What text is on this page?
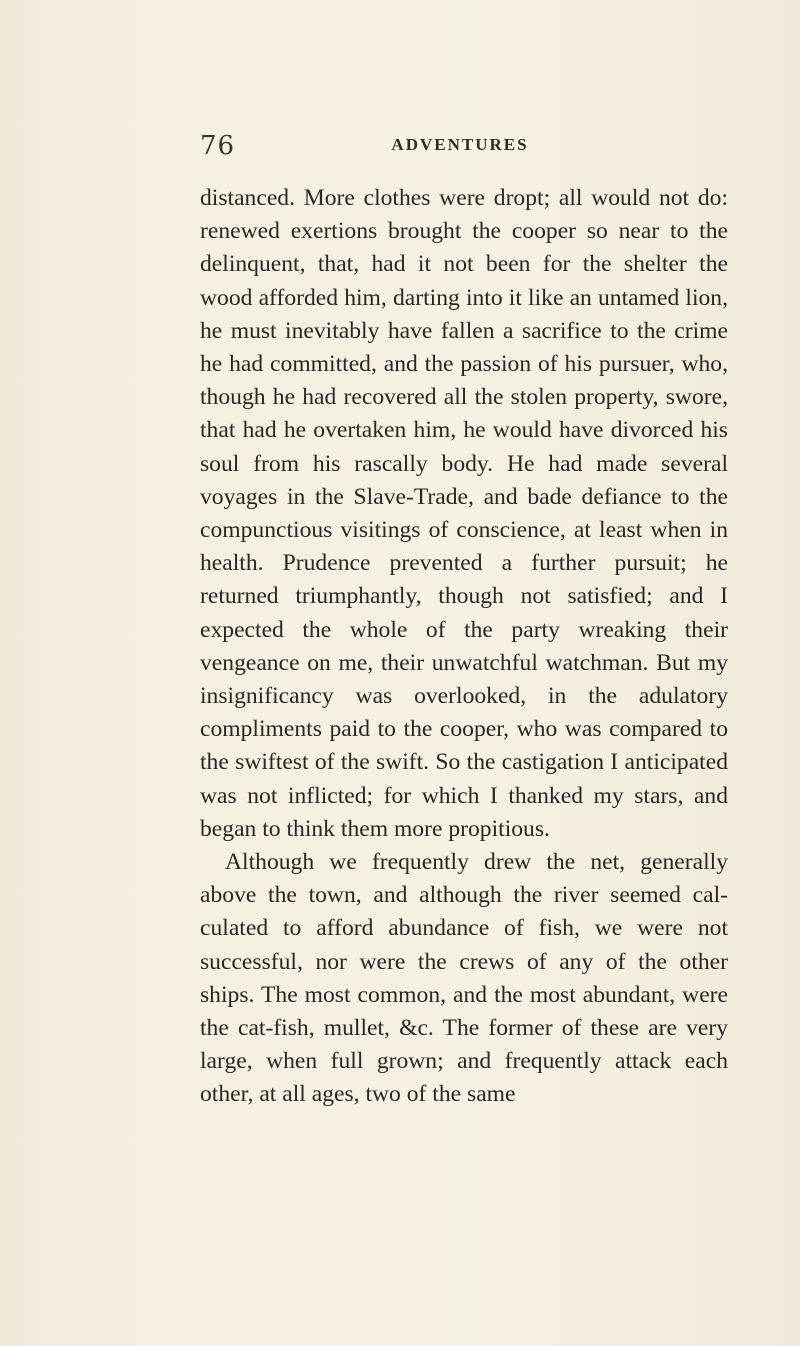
76	ADVENTURES

distanced. More clothes were dropt; all would not do: renewed exertions brought the cooper so near to the delinquent, that, had it not been for the shelter the wood afforded him, darting into it like an untamed lion, he must inevitably have fallen a sacrifice to the crime he had committed, and the passion of his pursuer, who, though he had recovered all the stolen property, swore, that had he overtaken him, he would have divorced his soul from his rascally body. He had made several voyages in the Slave-Trade, and bade defiance to the compunctious visitings of conscience, at least when in health. Prudence prevented a further pursuit; he returned triumphantly, though not satisfied; and I expected the whole of the party wreaking their vengeance on me, their unwatchful watchman. But my insignificancy was overlooked, in the adulatory compliments paid to the cooper, who was compared to the swiftest of the swift. So the castigation I anticipated was not inflicted; for which I thanked my stars, and began to think them more propitious.

Although we frequently drew the net, generally above the town, and although the river seemed calculated to afford abundance of fish, we were not successful, nor were the crews of any of the other ships. The most common, and the most abundant, were the cat-fish, mullet, &c. The former of these are very large, when full grown; and frequently attack each other, at all ages, two of the same
